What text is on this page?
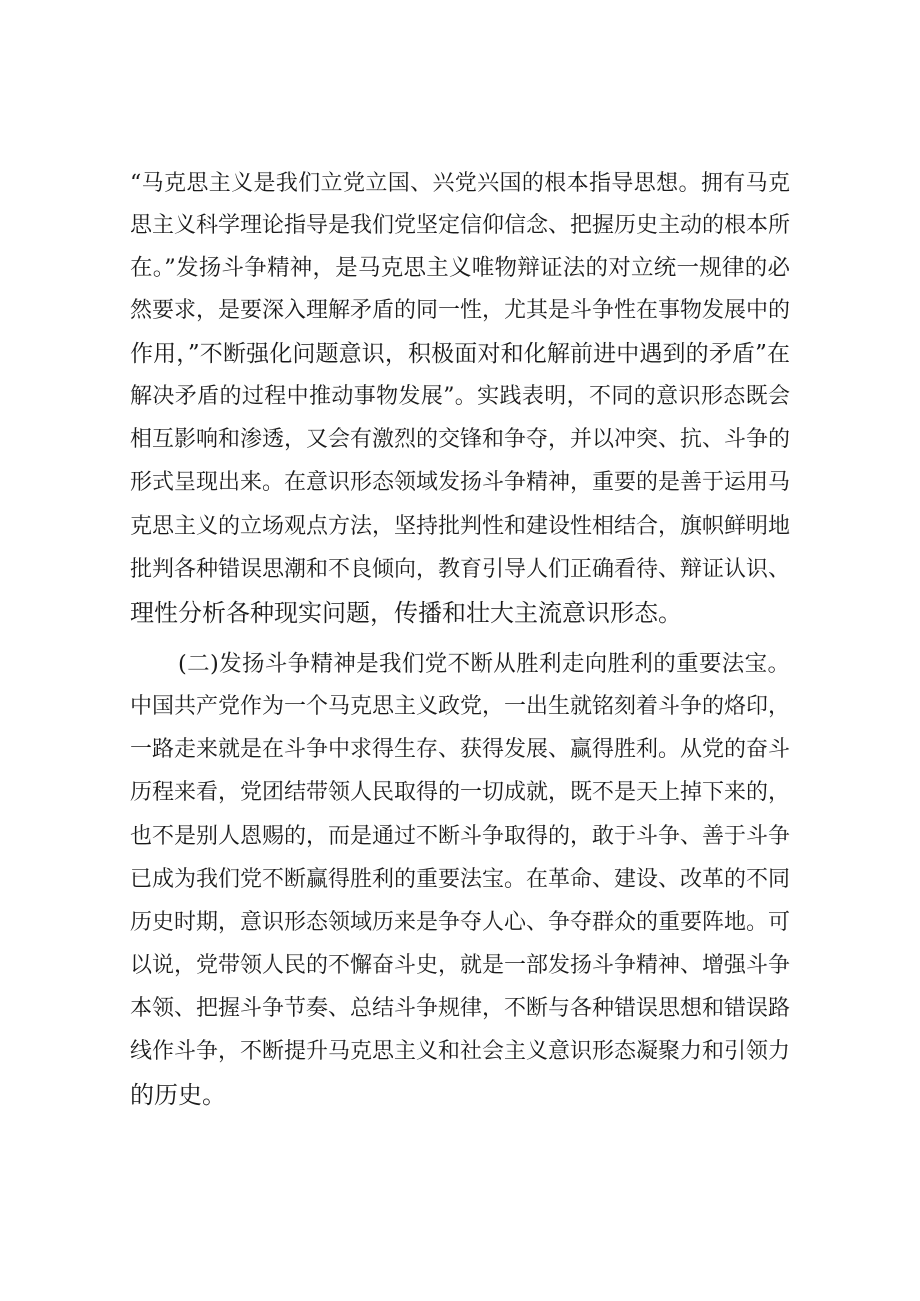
“马克思主义是我们立党立国、兴党兴国的根本指导思想。拥有马克
思主义科学理论指导是我们党坚定信仰信念、把握历史主动的根本所
在。”发扬斗争精神，是马克思主义唯物辩证法的对立统一规律的必
然要求，是要深入理解矛盾的同一性，尤其是斗争性在事物发展中的
作用，”不断强化问题意识，积极面对和化解前进中遇到的矛盾”在
解决矛盾的过程中推动事物发展”。实践表明，不同的意识形态既会
相互影响和渗透，又会有激烈的交锋和争夺，并以冲突、抗、斗争的
形式呈现出来。在意识形态领域发扬斗争精神，重要的是善于运用马
克思主义的立场观点方法，坚持批判性和建设性相结合，旗帜鲜明地
批判各种错误思潮和不良倾向，教育引导人们正确看待、辩证认识、
理性分析各种现实问题，传播和壮大主流意识形态。
(二)发扬斗争精神是我们党不断从胜利走向胜利的重要法宝。
中国共产党作为一个马克思主义政党，一出生就铭刻着斗争的烙印，
一路走来就是在斗争中求得生存、获得发展、赢得胜利。从党的奋斗
历程来看，党团结带领人民取得的一切成就，既不是天上掉下来的，
也不是别人恩赐的，而是通过不断斗争取得的，敢于斗争、善于斗争
已成为我们党不断赢得胜利的重要法宝。在革命、建设、改革的不同
历史时期，意识形态领域历来是争夺人心、争夺群众的重要阵地。可
以说，党带领人民的不懈奋斗史，就是一部发扬斗争精神、增强斗争
本领、把握斗争节奏、总结斗争规律，不断与各种错误思想和错误路
线作斗争，不断提升马克思主义和社会主义意识形态凝聚力和引领力
的历史。
